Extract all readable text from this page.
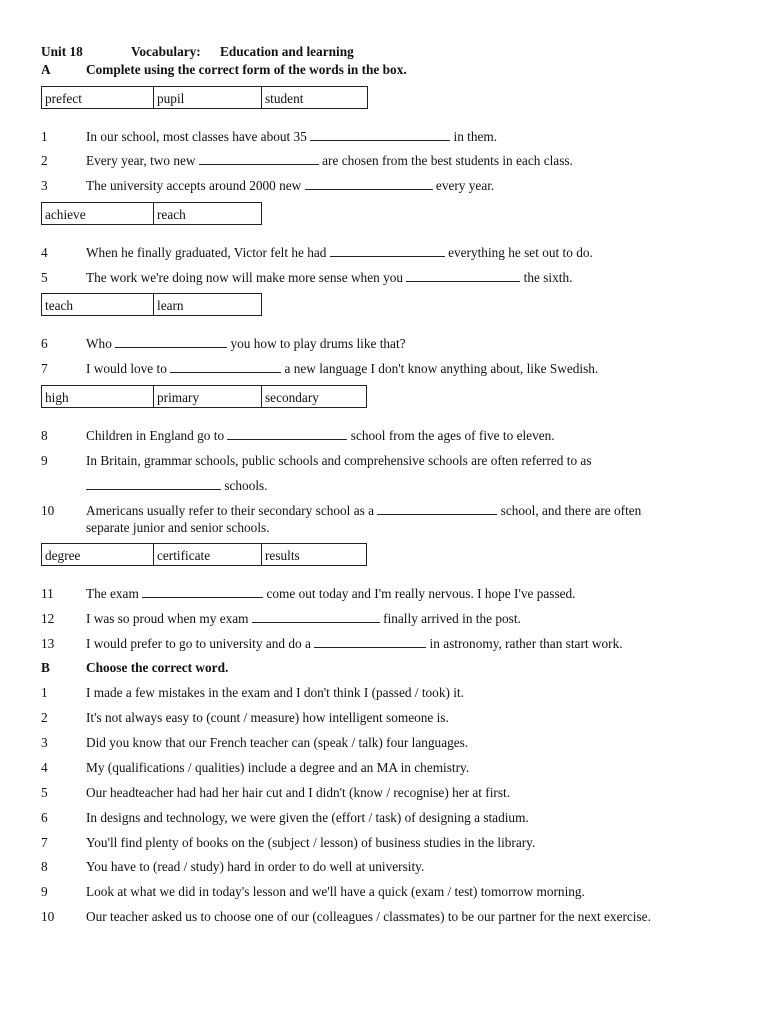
Unit 18	Vocabulary: Education and learning
A	Complete using the correct form of the words in the box.
prefect	pupil	student
1	In our school, most classes have about 35	in them.
2	Every year, two new	are chosen from the best students in each class.
3	The university accepts around 2000 new	every year.
achieve	reach
4	When he finally graduated, Victor felt he had	everything he set out to do.
5	The work we're doing now will make more sense when you	the sixth.
teach	learn
6	Who	you how to play drums like that?
7	I would love to	a new language I don't know anything about, like Swedish.
high	primary	secondary
8	Children in England go to	school from the ages of five to eleven.
9	In Britain, grammar schools, public schools and comprehensive schools are often referred to as
schools.
10 Americans usually refer to their secondary school as a	school, and there are often
separate junior and senior schools.
degree	certificate	results
11 The exam	come out today and I'm really nervous. I hope I've passed.
12 I was so proud when my exam	finally arrived in the post.
13 I would prefer to go to university and do a	in astronomy, rather than start work.
B	Choose the correct word.
1	I made a few mistakes in the exam and I don't think I (passed / took) it.
2	It's not always easy to (count / measure) how intelligent someone is.
3	Did you know that our French teacher can (speak / talk) four languages.
4	My (qualifications / qualities) include a degree and an MA in chemistry.
5	Our headteacher had had her hair cut and I didn't (know / recognise) her at first.
6	In designs and technology, we were given the (effort / task) of designing a stadium.
7	You'll find plenty of books on the (subject / lesson) of business studies in the library.
8	You have to (read / study) hard in order to do well at university.
9	Look at what we did in today's lesson and we'll have a quick (exam / test) tomorrow morning.
10 Our teacher asked us to choose one of our (colleagues / classmates) to be our partner for the next exercise.
